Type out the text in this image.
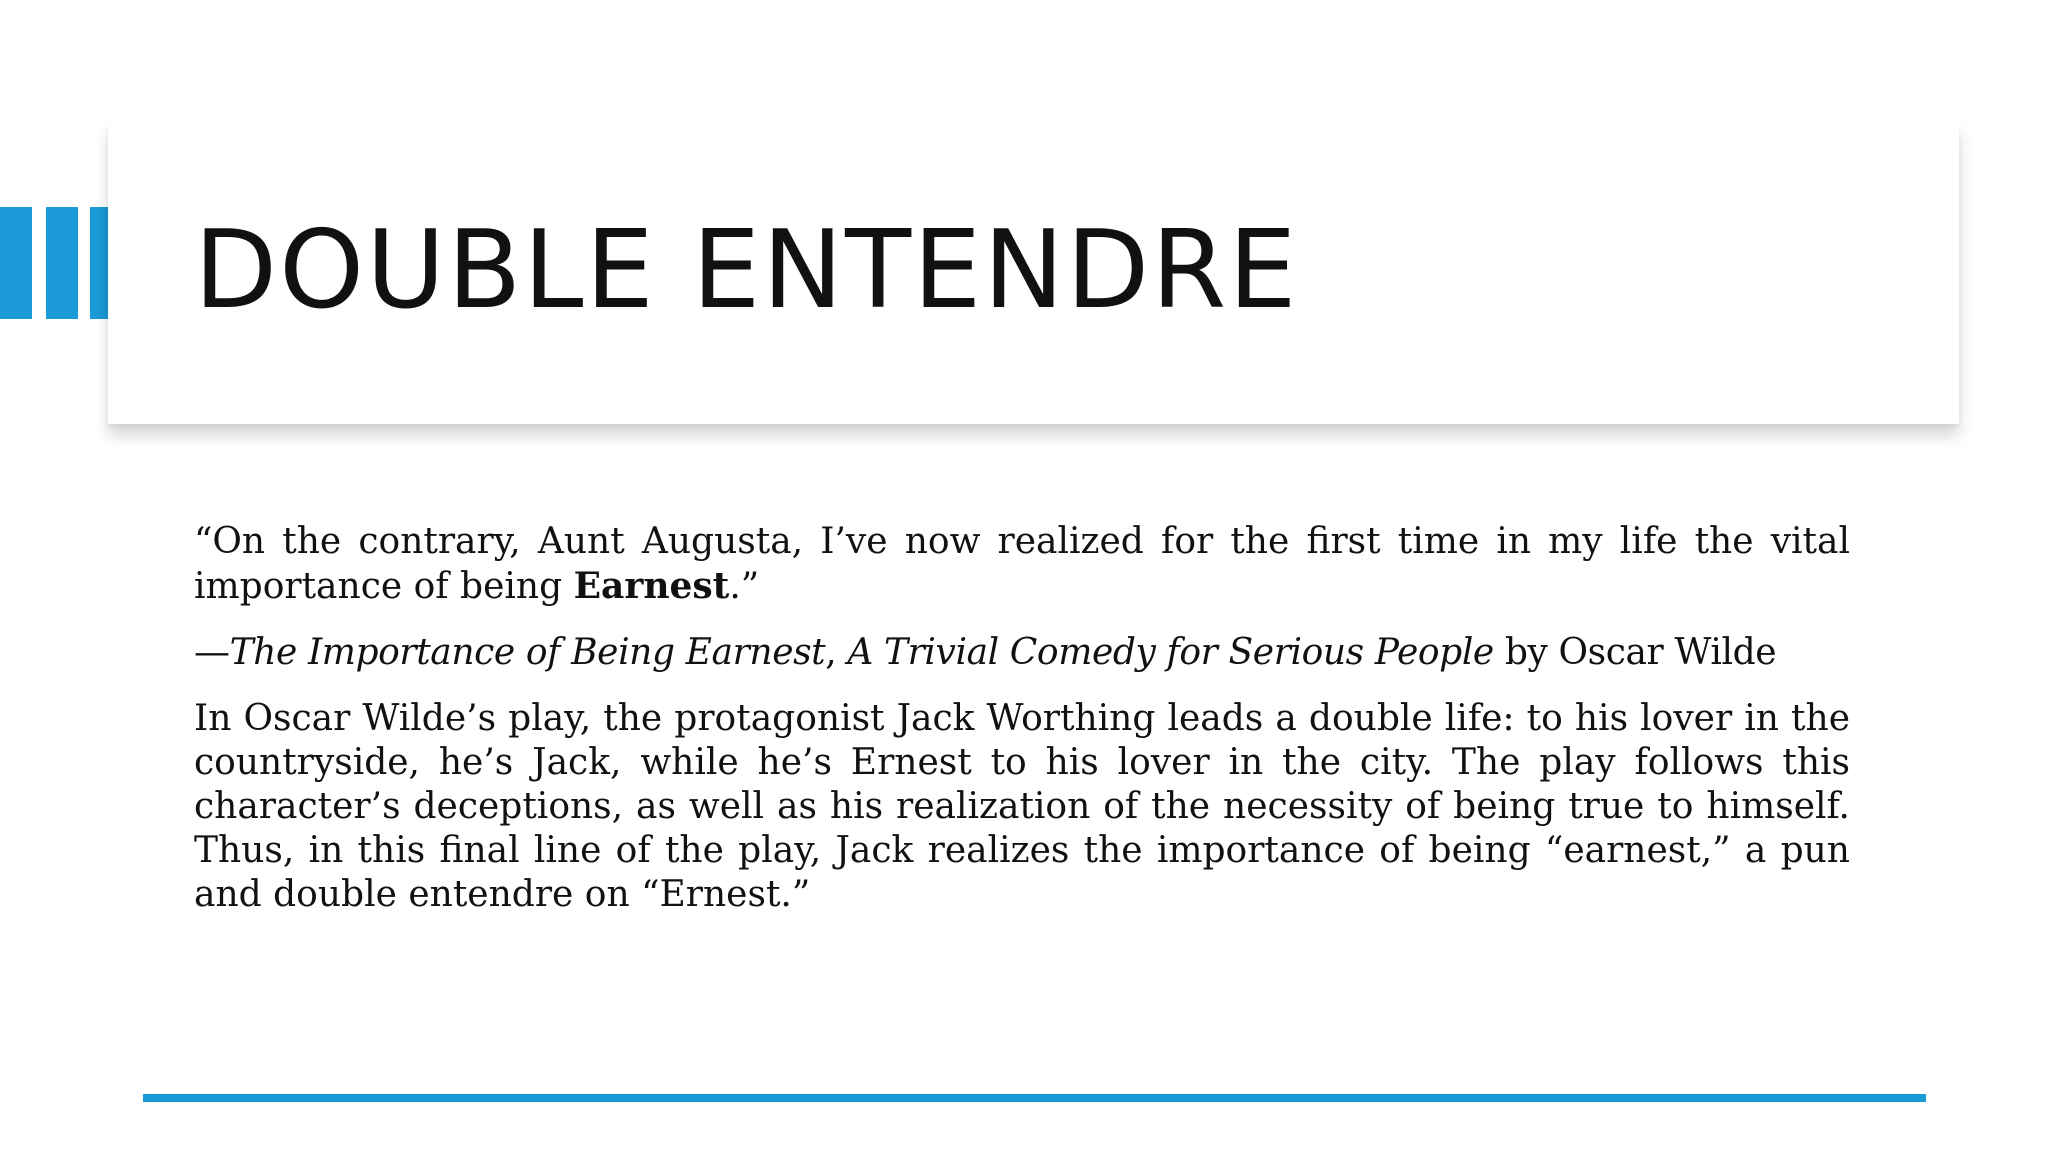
DOUBLE ENTENDRE

“On the contrary, Aunt Augusta, I’ve now realized for the first time in my life the vital importance of being Earnest.”

—The Importance of Being Earnest, A Trivial Comedy for Serious People by Oscar Wilde

In Oscar Wilde’s play, the protagonist Jack Worthing leads a double life: to his lover in the countryside, he’s Jack, while he’s Ernest to his lover in the city. The play follows this character’s deceptions, as well as his realization of the necessity of being true to himself. Thus, in this final line of the play, Jack realizes the importance of being “earnest,” a pun and double entendre on “Ernest.”
